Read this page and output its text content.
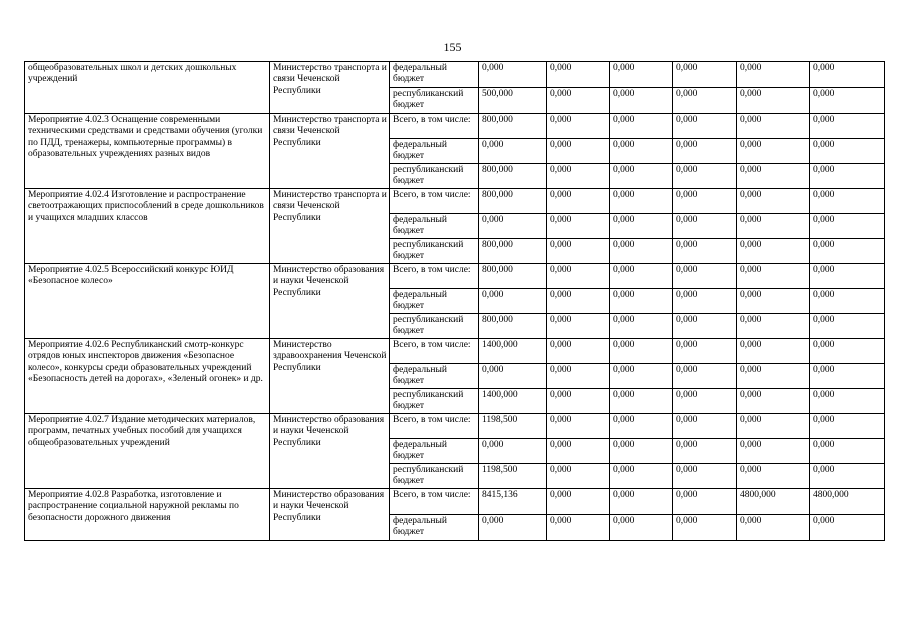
155
общеобразовательных школ и детских дошкольных учреждений	Министерство транспорта и связи Чеченской Республики	федеральный бюджет	0,000	0,000	0,000	0,000	0,000	0,000
		республиканский бюджет	500,000	0,000	0,000	0,000	0,000	0,000
Мероприятие 4.02.3 Оснащение современными техническими средствами и средствами обучения (уголки по ПДД, тренажеры, компьютерные программы) в образовательных учреждениях разных видов	Министерство транспорта и связи Чеченской Республики	Всего, в том числе:	800,000	0,000	0,000	0,000	0,000	0,000
		федеральный бюджет	0,000	0,000	0,000	0,000	0,000	0,000
		республиканский бюджет	800,000	0,000	0,000	0,000	0,000	0,000
Мероприятие 4.02.4 Изготовление и распространение светоотражающих приспособлений в среде дошкольников и учащихся младших классов	Министерство транспорта и связи Чеченской Республики	Всего, в том числе:	800,000	0,000	0,000	0,000	0,000	0,000
		федеральный бюджет	0,000	0,000	0,000	0,000	0,000	0,000
		республиканский бюджет	800,000	0,000	0,000	0,000	0,000	0,000
Мероприятие 4.02.5 Всероссийский конкурс ЮИД «Безопасное колесо»	Министерство образования и науки Чеченской Республики	Всего, в том числе:	800,000	0,000	0,000	0,000	0,000	0,000
		федеральный бюджет	0,000	0,000	0,000	0,000	0,000	0,000
		республиканский бюджет	800,000	0,000	0,000	0,000	0,000	0,000
Мероприятие 4.02.6 Республиканский смотр-конкурс отрядов юных инспекторов движения «Безопасное колесо», конкурсы среди образовательных учреждений «Безопасность детей на дорогах», «Зеленый огонек» и др.	Министерство здравоохранения Чеченской Республики	Всего, в том числе:	1400,000	0,000	0,000	0,000	0,000	0,000
		федеральный бюджет	0,000	0,000	0,000	0,000	0,000	0,000
		республиканский бюджет	1400,000	0,000	0,000	0,000	0,000	0,000
Мероприятие 4.02.7 Издание методических материалов, программ, печатных учебных пособий для учащихся общеобразовательных учреждений	Министерство образования и науки Чеченской Республики	Всего, в том числе:	1198,500	0,000	0,000	0,000	0,000	0,000
		федеральный бюджет	0,000	0,000	0,000	0,000	0,000	0,000
		республиканский бюджет	1198,500	0,000	0,000	0,000	0,000	0,000
Мероприятие 4.02.8 Разработка, изготовление и распространение социальной наружной рекламы по безопасности дорожного движения	Министерство образования и науки Чеченской Республики	Всего, в том числе:	8415,136	0,000	0,000	0,000	4800,000	4800,000
		федеральный бюджет	0,000	0,000	0,000	0,000	0,000	0,000
